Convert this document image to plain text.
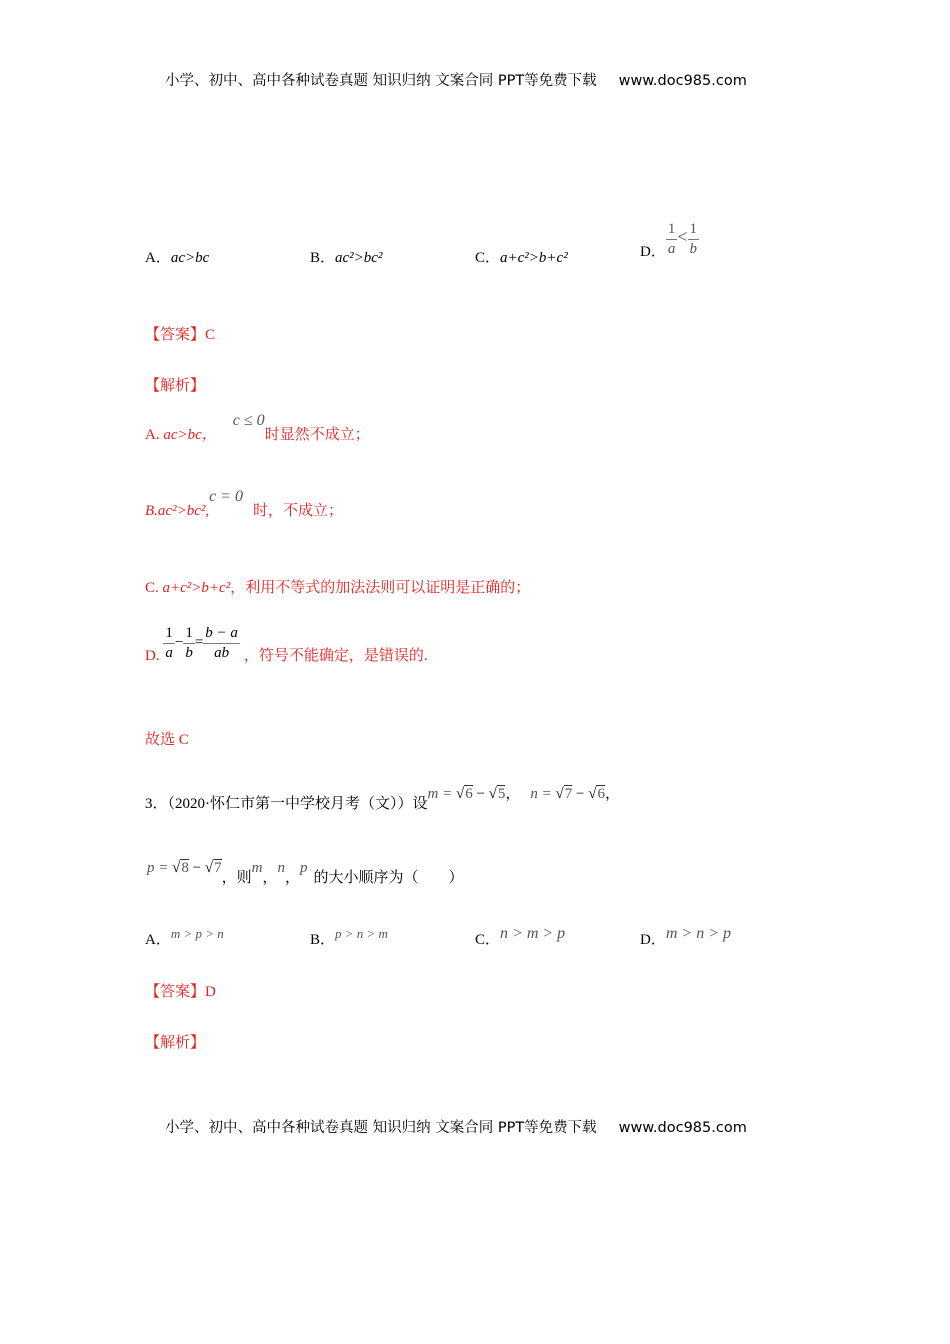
小学、初中、高中各种试卷真题 知识归纳 文案合同 PPT等免费下载 www.doc985.com
A．ac>bc	B．ac²>bc²	C．a+c²>b+c²	D． $\frac{1}{a} < \frac{1}{b}$
【答案】C
【解析】
A. ac>bc，c ≤ 0时显然不成立；
B.ac²>bc²,c = 0时，不成立；
C. a+c²>b+c²，利用不等式的加法法则可以证明是正确的；
D. $\frac{1}{a} - \frac{1}{b} = \frac{b - a}{ab}$ ，符号不能确定，是错误的.
故选 C
3．（2020·怀仁市第一中学校月考（文））设m = √6 − √5， n = √7 − √6，
p = √8 − √7，则m，n，p的大小顺序为（　　）
A．m > p > n	B．p > n > m	C．n > m > p	D．m > n > p
【答案】D
【解析】
小学、初中、高中各种试卷真题 知识归纳 文案合同 PPT等免费下载 www.doc985.com
